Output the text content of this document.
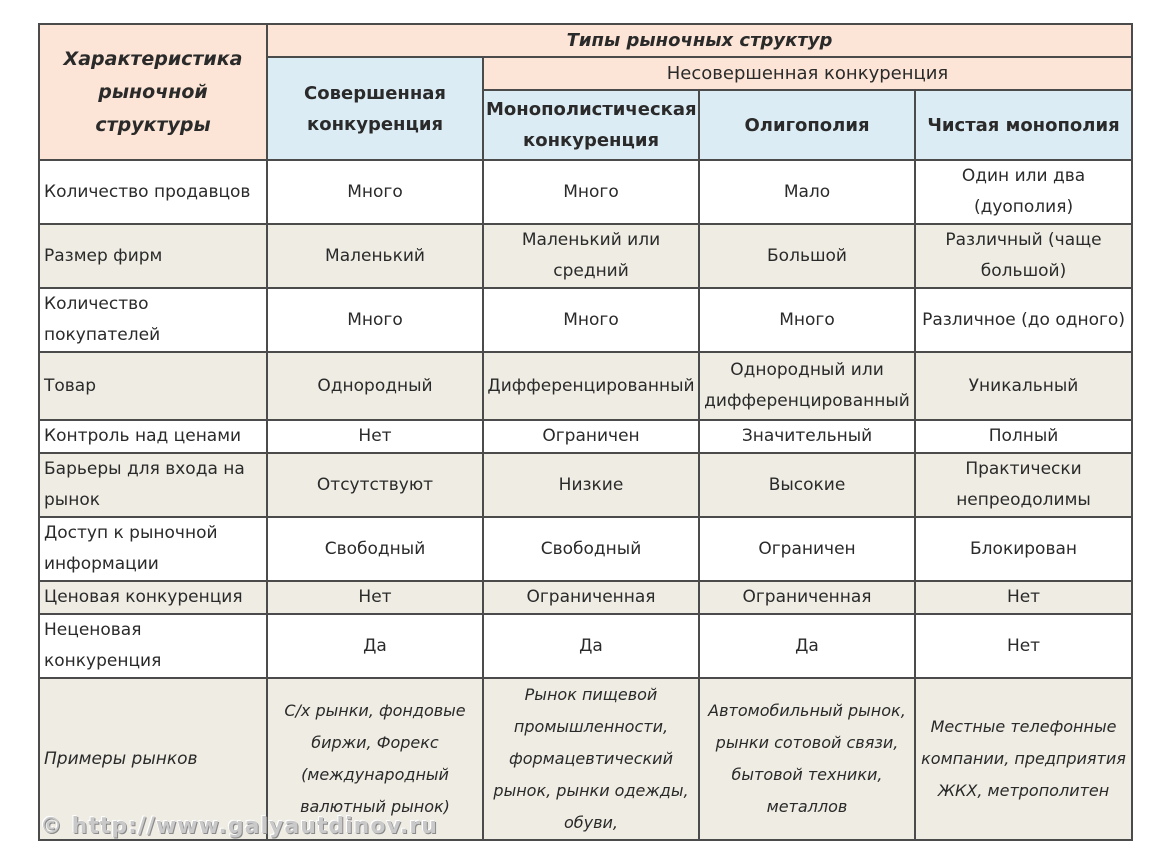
Характеристика рыночной структуры	Типы рыночных структур			
	Совершенная конкуренция	Несовершенная конкуренция		
		Монополистическая конкуренция	Олигополия	Чистая монополия
Количество продавцов	Много	Много	Мало	Один или два (дуополия)
Размер фирм	Маленький	Маленький или средний	Большой	Различный (чаще большой)
Количество покупателей	Много	Много	Много	Различное (до одного)
Товар	Однородный	Дифференцированный	Однородный или дифференцированный	Уникальный
Контроль над ценами	Нет	Ограничен	Значительный	Полный
Барьеры для входа на рынок	Отсутствуют	Низкие	Высокие	Практически непреодолимы
Доступ к рыночной информации	Свободный	Свободный	Ограничен	Блокирован
Ценовая конкуренция	Нет	Ограниченная	Ограниченная	Нет
Неценовая конкуренция	Да	Да	Да	Нет
Примеры рынков	С/х рынки, фондовые биржи, Форекс (международный валютный рынок)	Рынок пищевой промышленности, формацевтический рынок, рынки одежды, обуви,	Автомобильный рынок, рынки сотовой связи, бытовой техники, металлов	Местные телефонные компании, предприятия ЖКХ, метрополитен
© http://www.galyautdinov.ru
